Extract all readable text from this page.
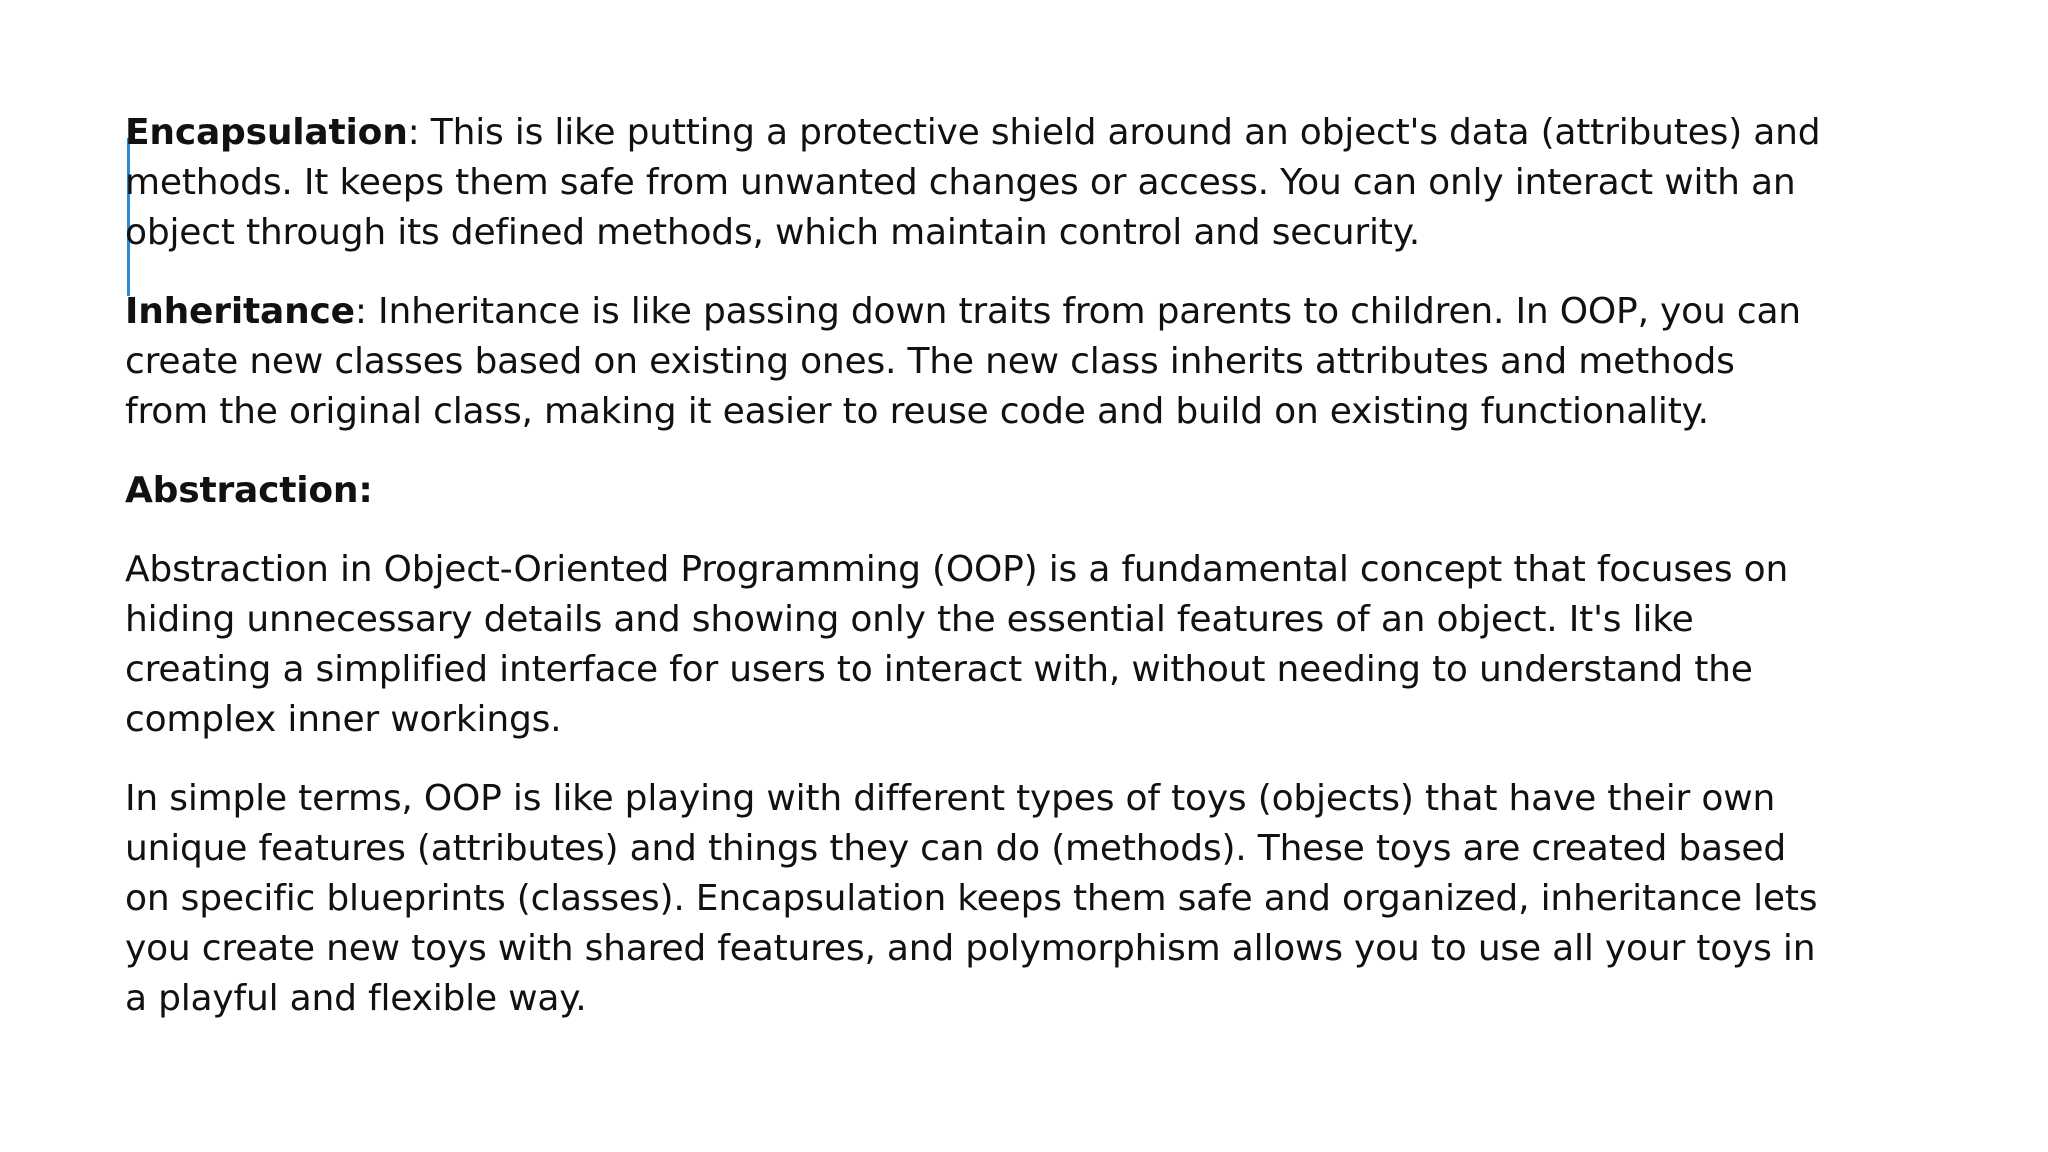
Encapsulation: This is like putting a protective shield around an object's data (attributes) and methods. It keeps them safe from unwanted changes or access. You can only interact with an object through its defined methods, which maintain control and security.

Inheritance: Inheritance is like passing down traits from parents to children. In OOP, you can create new classes based on existing ones. The new class inherits attributes and methods from the original class, making it easier to reuse code and build on existing functionality.

Abstraction:

Abstraction in Object-Oriented Programming (OOP) is a fundamental concept that focuses on hiding unnecessary details and showing only the essential features of an object. It's like creating a simplified interface for users to interact with, without needing to understand the complex inner workings.

In simple terms, OOP is like playing with different types of toys (objects) that have their own unique features (attributes) and things they can do (methods). These toys are created based on specific blueprints (classes). Encapsulation keeps them safe and organized, inheritance lets you create new toys with shared features, and polymorphism allows you to use all your toys in a playful and flexible way.
